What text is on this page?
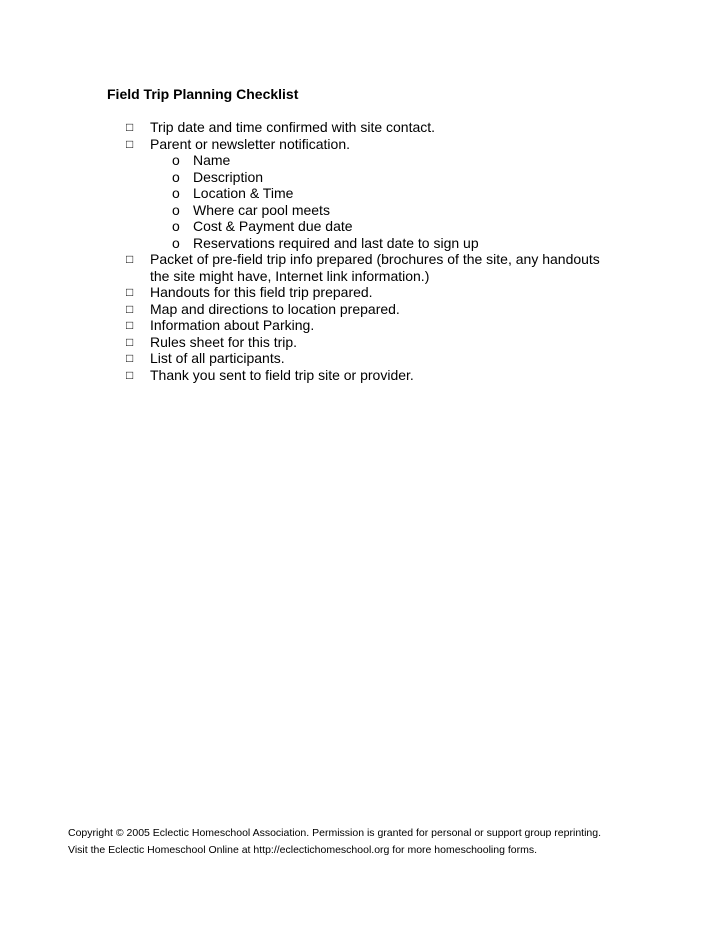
Field Trip Planning Checklist
□ Trip date and time confirmed with site contact.
□ Parent or newsletter notification.
o Name
o Description
o Location & Time
o Where car pool meets
o Cost & Payment due date
o Reservations required and last date to sign up
□ Packet of pre-field trip info prepared (brochures of the site, any handouts the site might have, Internet link information.)
□ Handouts for this field trip prepared.
□ Map and directions to location prepared.
□ Information about Parking.
□ Rules sheet for this trip.
□ List of all participants.
□ Thank you sent to field trip site or provider.
Copyright © 2005 Eclectic Homeschool Association. Permission is granted for personal or support group reprinting.
Visit the Eclectic Homeschool Online at http://eclectichomeschool.org for more homeschooling forms.
